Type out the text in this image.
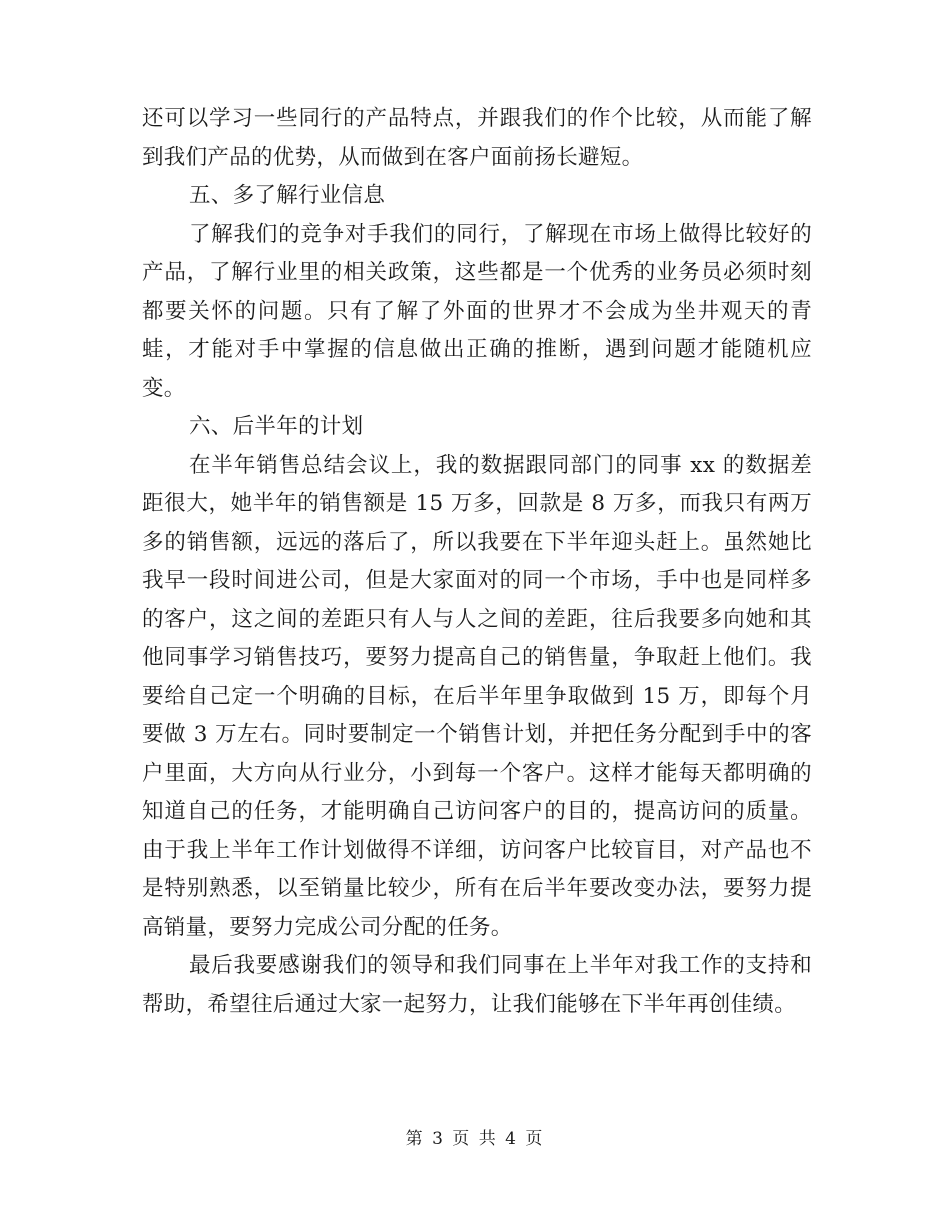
还可以学习一些同行的产品特点，并跟我们的作个比较，从而能了解到我们产品的优势，从而做到在客户面前扬长避短。

五、多了解行业信息

了解我们的竞争对手我们的同行，了解现在市场上做得比较好的产品，了解行业里的相关政策，这些都是一个优秀的业务员必须时刻都要关怀的问题。只有了解了外面的世界才不会成为坐井观天的青蛙，才能对手中掌握的信息做出正确的推断，遇到问题才能随机应变。

六、后半年的计划

在半年销售总结会议上，我的数据跟同部门的同事 xx 的数据差距很大，她半年的销售额是 15 万多，回款是 8 万多，而我只有两万多的销售额，远远的落后了，所以我要在下半年迎头赶上。虽然她比我早一段时间进公司，但是大家面对的同一个市场，手中也是同样多的客户，这之间的差距只有人与人之间的差距，往后我要多向她和其他同事学习销售技巧，要努力提高自己的销售量，争取赶上他们。我要给自己定一个明确的目标，在后半年里争取做到 15 万，即每个月要做 3 万左右。同时要制定一个销售计划，并把任务分配到手中的客户里面，大方向从行业分，小到每一个客户。这样才能每天都明确的知道自己的任务，才能明确自己访问客户的目的，提高访问的质量。由于我上半年工作计划做得不详细，访问客户比较盲目，对产品也不是特别熟悉，以至销量比较少，所有在后半年要改变办法，要努力提高销量，要努力完成公司分配的任务。

最后我要感谢我们的领导和我们同事在上半年对我工作的支持和帮助，希望往后通过大家一起努力，让我们能够在下半年再创佳绩。

第 3 页 共 4 页
